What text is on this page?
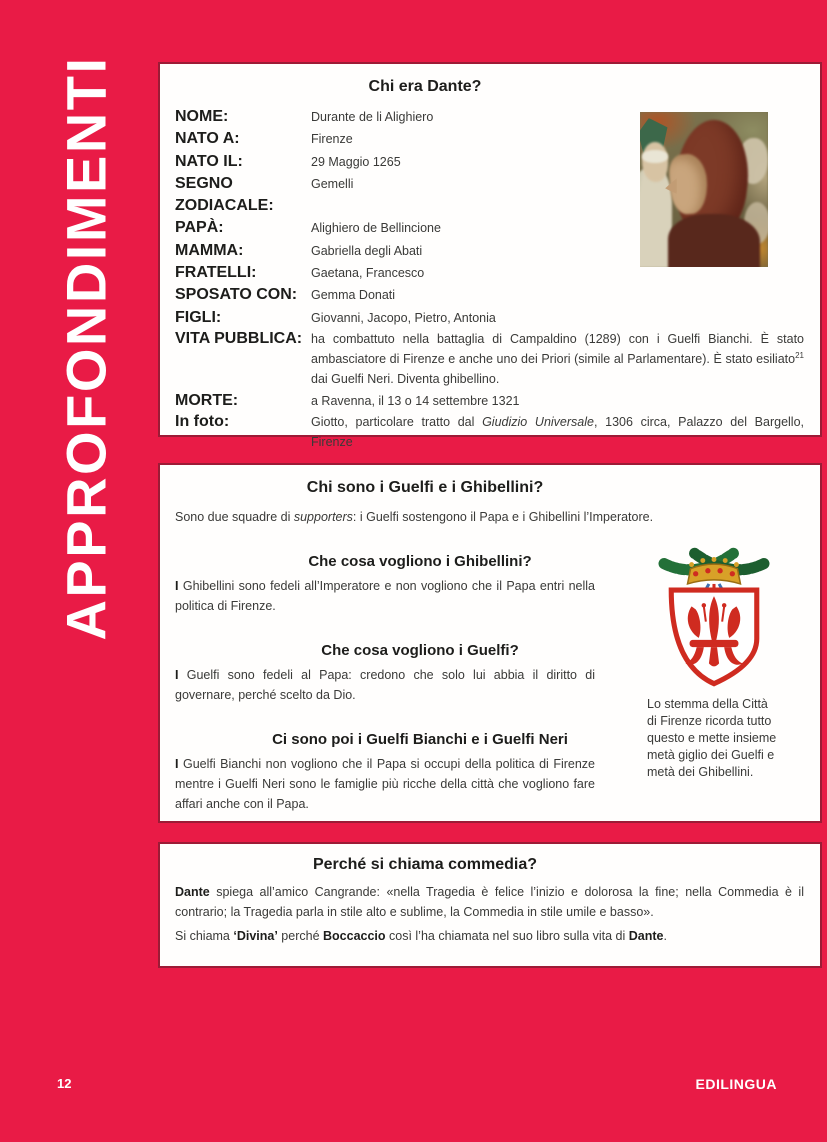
APPROFONDIMENTI	Chi era Dante?
NOME:	Durante de li Alighiero
NATO A:	Firenze
NATO IL:	29 Maggio 1265
SEGNO ZODIACALE:
Gemelli
PAPÀ:	Alighiero de Bellincione
MAMMA:	Gabriella degli Abati
FRATELLI:	Gaetana, Francesco
SPOSATO CON:	Gemma Donati
FIGLI:	Giovanni, Jacopo, Pietro, Antonia
VITA PUBBLICA: ha combattuto nella battaglia di Campaldino (1289) con i Guelfi Bianchi. È stato ambasciatore di Firenze e anche uno dei Priori (simile al Parlamentare). È stato esiliato$^{21}$ dai Guelfi Neri. Diventa ghibellino.
MORTE:	a Ravenna, il 13 o 14 settembre 1321
In foto:	Giotto, particolare tratto dal Giudizio Universale, 1306 circa, Palazzo del Bargello, Firenze
Chi sono i Guelfi e i Ghibellini?

Sono due squadre di supporters: i Guelfi sostengono il Papa e i Ghibellini l’Imperatore.

Che cosa vogliono i Ghibellini?

I Ghibellini sono fedeli all’Imperatore e non vogliono che il Papa entri nella politica di Firenze.

Che cosa vogliono i Guelfi?

I Guelfi sono fedeli al Papa: credono che solo lui abbia il diritto di governare, perché scelto da Dio.

Ci sono poi i Guelfi Bianchi e i Guelfi Neri

I Guelfi Bianchi non vogliono che il Papa si occupi della politica di Firenze mentre i Guelfi Neri sono le famiglie più ricche della città che vogliono fare affari anche con il Papa.

Lo stemma della Città di Firenze ricorda tutto questo e mette insieme metà giglio dei Guelfi e metà dei Ghibellini.

Perché si chiama commedia?

Dante spiega all’amico Cangrande: «nella Tragedia è felice l’inizio e dolorosa la fine; nella Commedia è il contrario; la Tragedia parla in stile alto e sublime, la Commedia in stile umile e basso».

Si chiama ‘Divina’ perché Boccaccio così l’ha chiamata nel suo libro sulla vita di Dante.

12	EDILINGUA
